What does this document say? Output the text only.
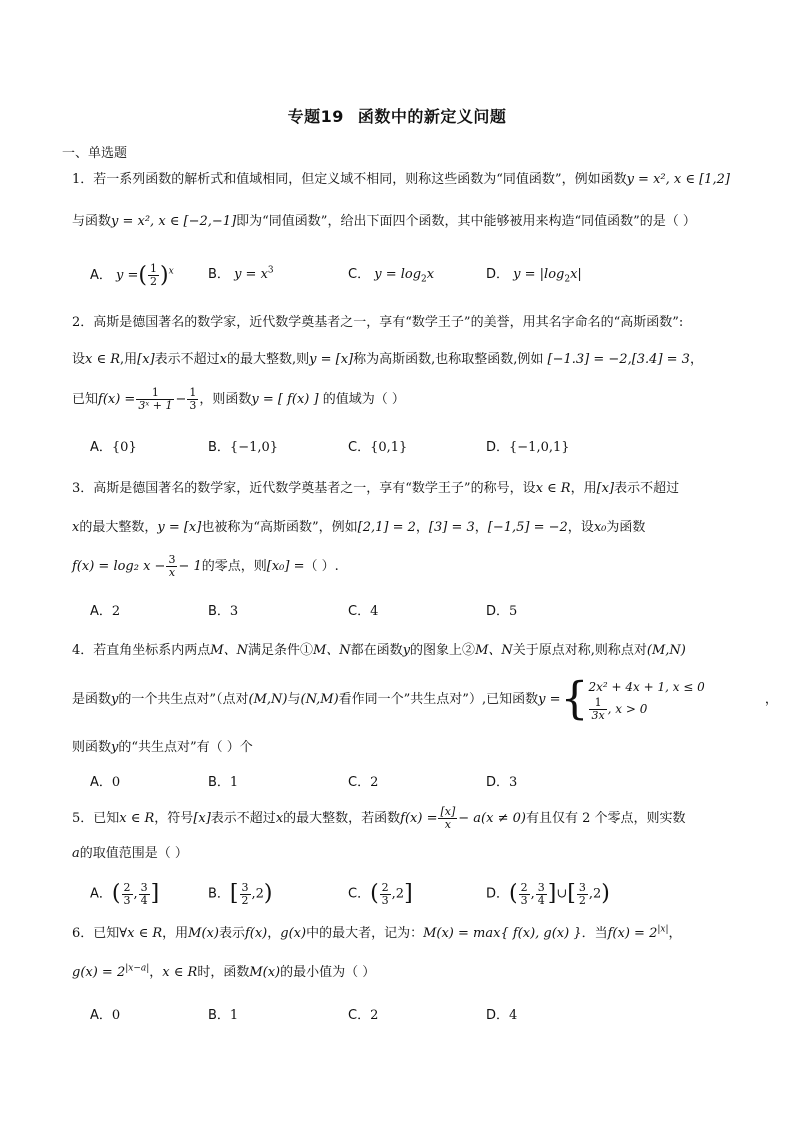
专题19 函数中的新定义问题
一、单选题
1．若一系列函数的解析式和值域相同，但定义域不相同，则称这些函数为“同值函数”，例如函数y = x², x ∈ [1,2]
与函数y = x², x ∈ [−2,−1]即为“同值函数”，给出下面四个函数，其中能够被用来构造“同值函数”的是（ ）
A． y =( $\frac{1}{2} )^x$	B． $y = x^3$	C． $y = \log_2x$	D． $y = |\log_2x|$
2．高斯是德国著名的数学家，近代数学奠基者之一，享有“数学王子”的美誉，用其名字命名的“高斯函数”:
设x ∈ R,用[x]表示不超过x的最大整数,则y = [x]称为高斯函数,也称取整函数,例如 [−1.3] = −2,[3.4] = 3，
已知$f(x) = \frac{1}{\text{3ˣ + 1}} - \frac{1}{3}$ ，则函数y = [ f(x) ] 的值域为（ ）
A．{0}	B．{−1,0}	C．{0,1}	D．{−1,0,1}
3．高斯是德国著名的数学家，近代数学奠基者之一，享有“数学王子”的称号，设x ∈ R，用[x]表示不超过
x的最大整数，y = [x]也被称为“高斯函数”，例如[2,1] = 2，[3] = 3，[−1,5] = −2，设x₀为函数
f(x) = log₂ $x - \frac{3}{x} - 1$的零点，则[x₀] =（ ）.
A．2	B．3	C．4	D．5
4．若直角坐标系内两点M、N满足条件①M、N都在函数y的图象上②M、N关于原点对称,则称点对(M,N)
是函数y的一个共生点对”（点对(M,N)与(N,M)看作同一个”共生点对”）,已知函数y ={ 2x² + 4x + 1, x ≤ 0
$\frac{1}{3x}$ , x > 0
，
则函数y的“共生点对”有（ ）个
A．0	B．1	C．2	D．3
5．已知x ∈ R，符号[x]表示不超过x的最大整数，若函数$f(x) = \frac{[x]}{x} - a(x \ne 0)$有且仅有 2 个零点，则实数
a的取值范围是（ ）
A．( $\frac{2}{3}$ , $\frac{3}{4}$ ]	B．[ $\frac{3}{2} ,2$)	C．( $\frac{2}{3} ,2$]	D．( $\frac{2}{3}$ , $\frac{3}{4}$ ]∪[ $\frac{3}{2} ,2$)
6．已知∀x ∈ R，用M(x)表示f(x)，g(x)中的最大者，记为：M(x) = max{ f(x), g(x) }．当$f(x) = 2^{|x|}$，
$g(x) = 2^{|x-a|}$，x ∈ R时，函数M(x)的最小值为（ ）
A．0	B．1	C．2	D．4
